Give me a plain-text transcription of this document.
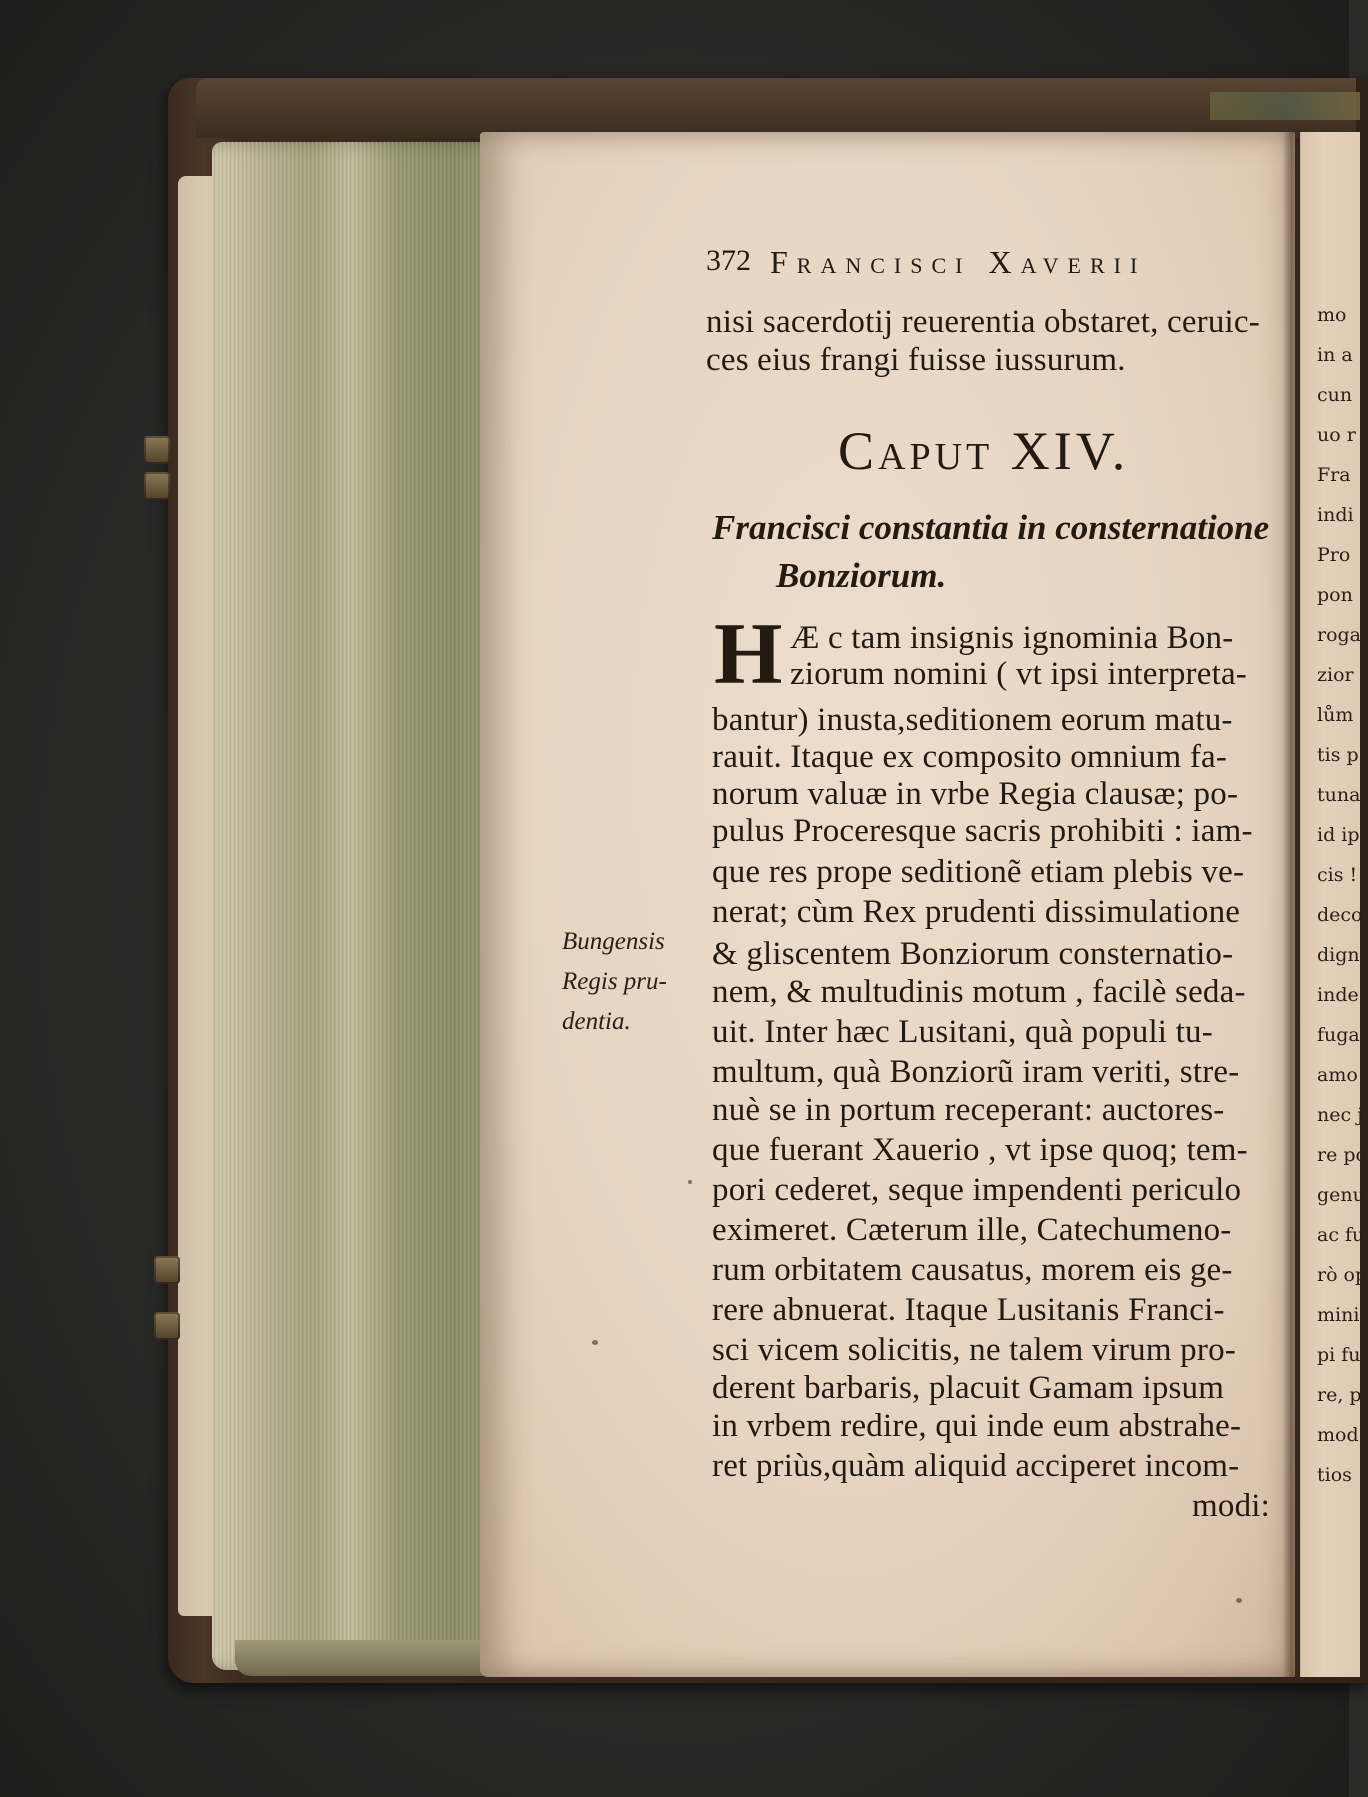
372 Francisci Xaverii
nisi sacerdotij reuerentia obstaret, ceruic-
ces eius frangi fuisse iussurum.
Caput XIV.
Francisci constantia in consternatione
Bonziorum.
H Æ c tam insignis ignominia Bon-
ziorum nomini ( vt ipsi interpreta-
bantur) inusta,seditionem eorum matu-
rauit. Itaque ex composito omnium fa-
norum valuæ in vrbe Regia clausæ; po-
pulus Proceresque sacris prohibiti : iam-
que res prope seditionẽ etiam plebis ve-
nerat; cùm Rex prudenti dissimulatione
& gliscentem Bonziorum consternatio-
nem, & multudinis motum , facilè seda-
uit. Inter hæc Lusitani, quà populi tu-
multum, quà Bonziorũ iram veriti, stre-
nuè se in portum receperant: auctores-
que fuerant Xauerio , vt ipse quoq; tem-
pori cederet, seque impendenti periculo
eximeret. Cæterum ille, Catechumeno-
rum orbitatem causatus, morem eis ge-
rere abnuerat. Itaque Lusitanis Franci-
sci vicem solicitis, ne talem virum pro-
derent barbaris, placuit Gamam ipsum
in vrbem redire, qui inde eum abstrahe-
ret priùs,quàm aliquid acciperet incom-
modi:
Bungensis
Regis pru-
dentia.
mo
in a
cun
uo r
Fra
indi
Pro
pon
roga
zior
lům
tis p
tuna
id ip
cis !
deco
dign
inde
fuga
amo
nec j
re po
genu
ac fu
rò op
mini
pi fu
re, p
mod
tios
